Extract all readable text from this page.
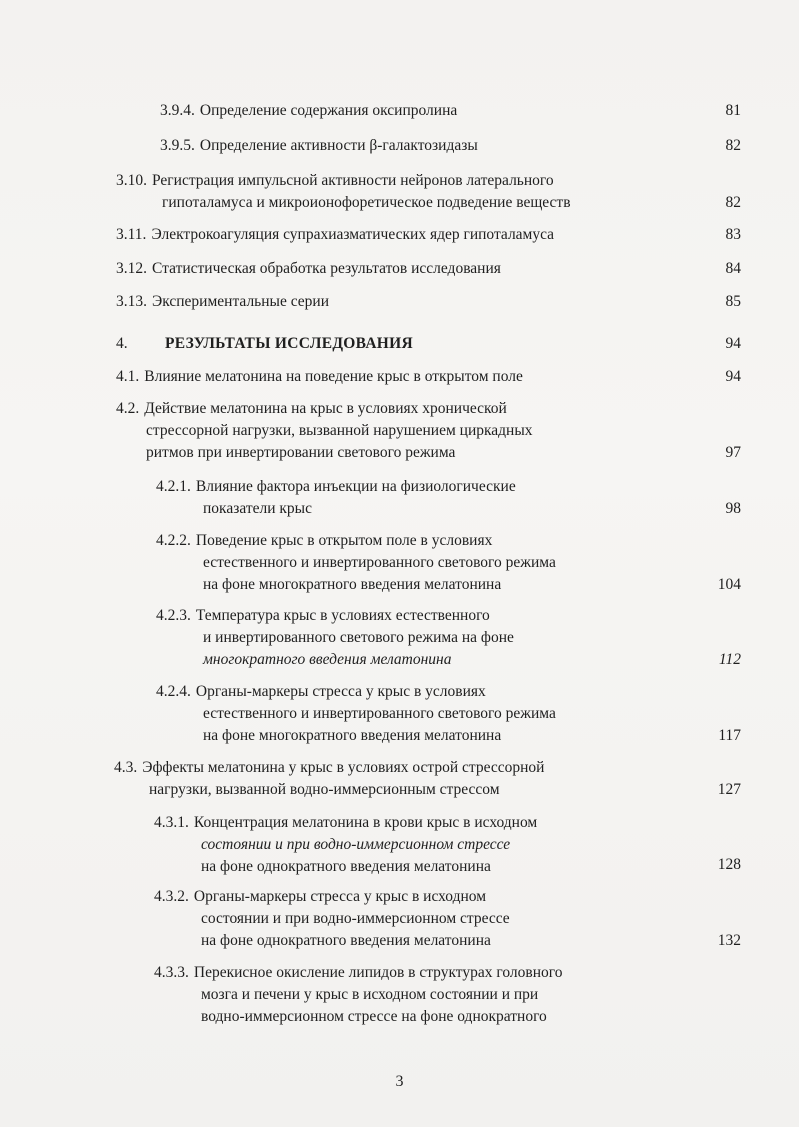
3.9.4. Определение содержания оксипролина	81
3.9.5. Определение активности β-галактозидазы	82
3.10. Регистрация импульсной активности нейронов латерального
гипоталамуса и микроионофоретическое подведение веществ	82
3.11. Электрокоагуляция супрахиазматических ядер гипоталамуса	83
3.12. Статистическая обработка результатов исследования	84
3.13. Экспериментальные серии	85
4. РЕЗУЛЬТАТЫ ИССЛЕДОВАНИЯ	94
4.1. Влияние мелатонина на поведение крыс в открытом поле	94
4.2. Действие мелатонина на крыс в условиях хронической
стрессорной нагрузки, вызванной нарушением циркадных
ритмов при инвертировании светового режима	97
4.2.1. Влияние фактора инъекции на физиологические
показатели крыс	98
4.2.2. Поведение крыс в открытом поле в условиях
естественного и инвертированного светового режима
на фоне многократного введения мелатонина	104
4.2.3. Температура крыс в условиях естественного
и инвертированного светового режима на фоне
многократного введения мелатонина	112
4.2.4. Органы-маркеры стресса у крыс в условиях
естественного и инвертированного светового режима
на фоне многократного введения мелатонина	117
4.3. Эффекты мелатонина у крыс в условиях острой стрессорной
нагрузки, вызванной водно-иммерсионным стрессом	127
4.3.1. Концентрация мелатонина в крови крыс в исходном
состоянии и при водно-иммерсионном стрессе
на фоне однократного введения мелатонина	128
4.3.2. Органы-маркеры стресса у крыс в исходном
состоянии и при водно-иммерсионном стрессе
на фоне однократного введения мелатонина	132
4.3.3. Перекисное окисление липидов в структурах головного
мозга и печени у крыс в исходном состоянии и при
водно-иммерсионном стрессе на фоне однократного
3
